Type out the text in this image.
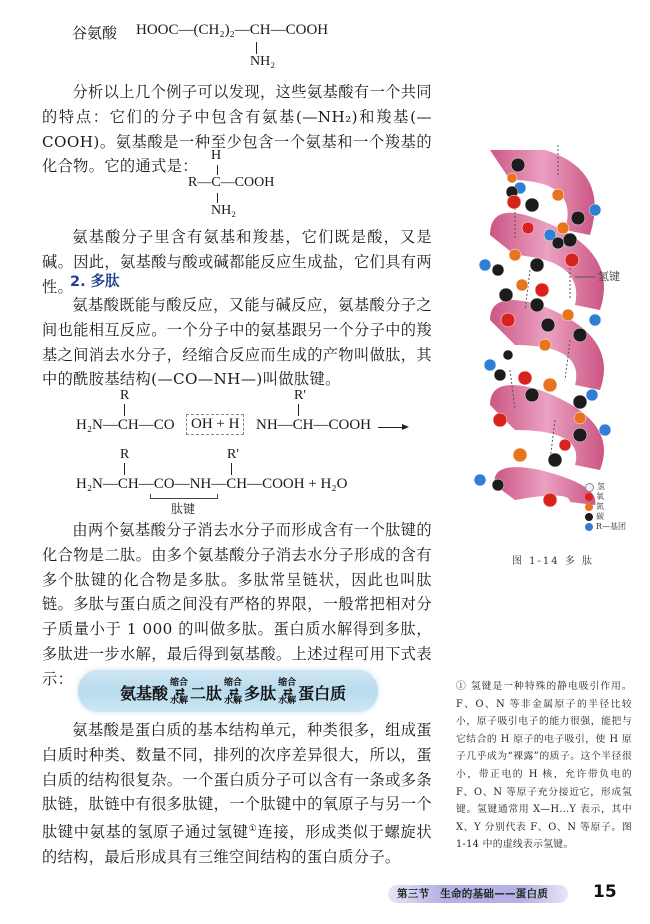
谷氨酸 HOOC—(CH₂)₂—CH—COOH
NH₂
分析以上几个例子可以发现，这些氨基酸有一个共同的特点：它们的分子中包含有氨基(—NH₂)和羧基(—COOH)。氨基酸是一种至少包含一个氨基和一个羧基的化合物。它的通式是：
H
R—C—COOH
NH₂
氨基酸分子里含有氨基和羧基，它们既是酸，又是碱。因此，氨基酸与酸或碱都能反应生成盐，它们具有两性。
2. 多肽
氨基酸既能与酸反应，又能与碱反应，氨基酸分子之间也能相互反应。一个分子中的氨基跟另一个分子中的羧基之间消去水分子，经缩合反应而生成的产物叫做肽，其中的酰胺基结构(—CO—NH—)叫做肽键。
R	R'
H₂N—CH—CO	OH + H	NH—CH—COOH
R	R'
H₂N—CH—CO—NH—CH—COOH + H₂O
肽键
由两个氨基酸分子消去水分子而形成含有一个肽键的化合物是二肽。由多个氨基酸分子消去水分子形成的含有多个肽键的化合物是多肽。多肽常呈链状，因此也叫肽链。多肽与蛋白质之间没有严格的界限，一般常把相对分子质量小于 1 000 的叫做多肽。蛋白质水解得到多肽，多肽进一步水解，最后得到氨基酸。上述过程可用下式表示：
氨基酸
缩合
⇄
水解 二肽
缩合
⇄
水解 多肽
缩合
⇄
水解 蛋白质
氨基酸是蛋白质的基本结构单元，种类很多，组成蛋白质时种类、数量不同，排列的次序差异很大，所以，蛋白质的结构很复杂。一个蛋白质分子可以含有一条或多条肽链，肽链中有很多肽键，一个肽键中的氧原子与另一个肽键中氨基的氢原子通过氢键①连接，形成类似于螺旋状的结构，最后形成具有三维空间结构的蛋白质分子。
氢键
氢
氧
氮
碳
R—基团
图 1-14 多 肽
① 氢键是一种特殊的静电吸引作用。F、O、N 等非金属原子的半径比较小，原子吸引电子的能力很强，能把与它结合的 H 原子的电子吸引，使 H 原子几乎成为“裸露”的质子。这个半径很小，带正电的 H 核，允许带负电的 F、O、N 等原子充分接近它，形成氢键。氢键通常用 X—H…Y 表示，其中 X、Y 分别代表 F、O、N 等原子。图 1-14 中的虚线表示氢键。
第三节　生命的基础——蛋白质	15
